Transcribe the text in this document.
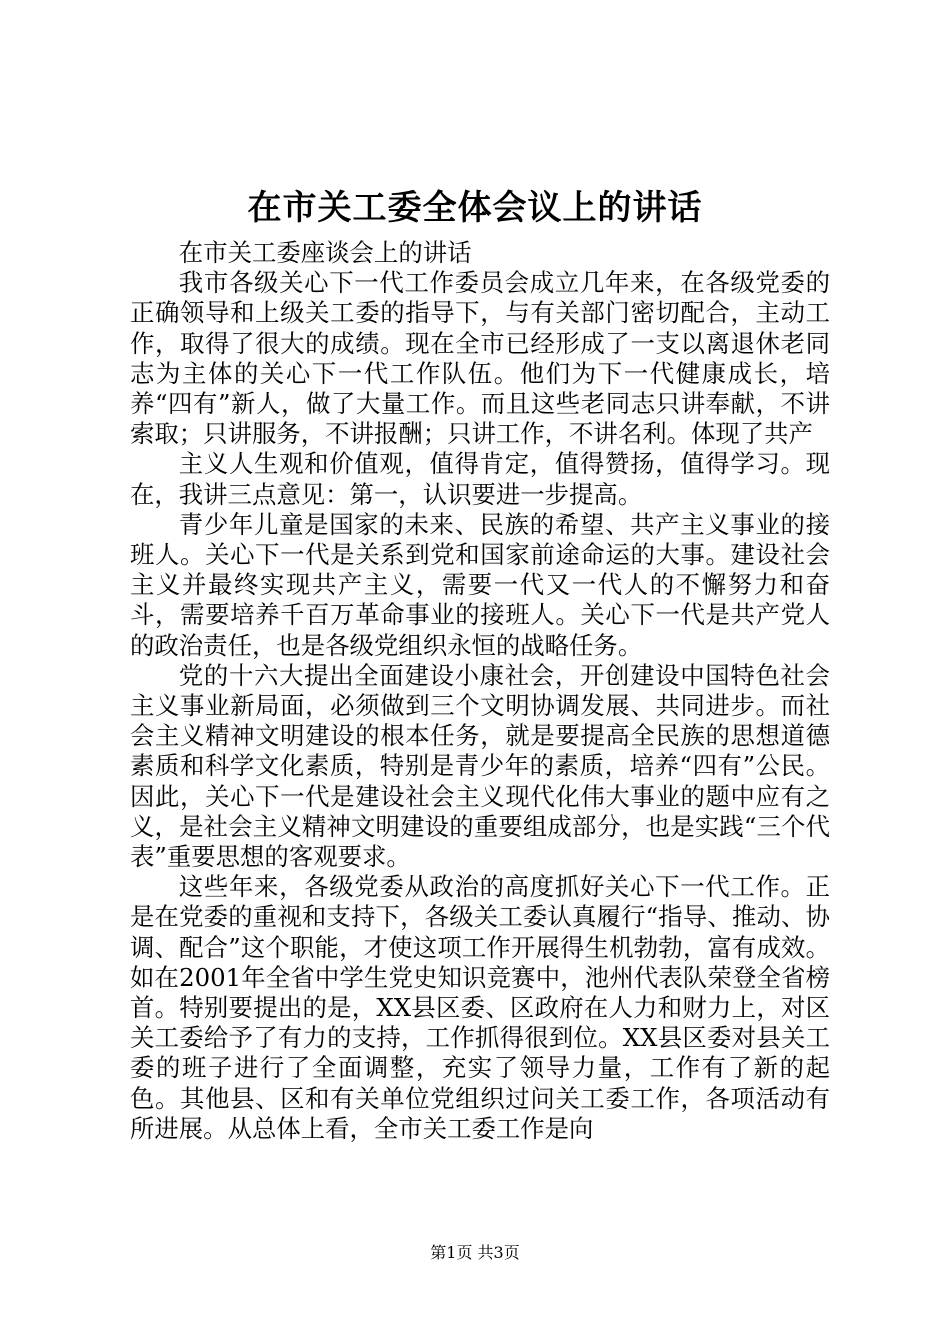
在市关工委全体会议上的讲话

在市关工委座谈会上的讲话

我市各级关心下一代工作委员会成立几年来，在各级党委的正确领导和上级关工委的指导下，与有关部门密切配合，主动工作，取得了很大的成绩。现在全市已经形成了一支以离退休老同志为主体的关心下一代工作队伍。他们为下一代健康成长，培养“四有”新人，做了大量工作。而且这些老同志只讲奉献，不讲索取；只讲服务，不讲报酬；只讲工作，不讲名利。体现了共产

主义人生观和价值观，值得肯定，值得赞扬，值得学习。现在，我讲三点意见：第一，认识要进一步提高。

青少年儿童是国家的未来、民族的希望、共产主义事业的接班人。关心下一代是关系到党和国家前途命运的大事。建设社会主义并最终实现共产主义，需要一代又一代人的不懈努力和奋斗，需要培养千百万革命事业的接班人。关心下一代是共产党人的政治责任，也是各级党组织永恒的战略任务。

党的十六大提出全面建设小康社会，开创建设中国特色社会主义事业新局面，必须做到三个文明协调发展、共同进步。而社会主义精神文明建设的根本任务，就是要提高全民族的思想道德素质和科学文化素质，特别是青少年的素质，培养“四有”公民。因此，关心下一代是建设社会主义现代化伟大事业的题中应有之义，是社会主义精神文明建设的重要组成部分，也是实践“三个代表”重要思想的客观要求。

这些年来，各级党委从政治的高度抓好关心下一代工作。正是在党委的重视和支持下，各级关工委认真履行“指导、推动、协调、配合”这个职能，才使这项工作开展得生机勃勃，富有成效。如在2001年全省中学生党史知识竞赛中，池州代表队荣登全省榜首。特别要提出的是，XX县区委、区政府在人力和财力上，对区关工委给予了有力的支持，工作抓得很到位。XX县区委对县关工委的班子进行了全面调整，充实了领导力量，工作有了新的起色。其他县、区和有关单位党组织过问关工委工作，各项活动有所进展。从总体上看，全市关工委工作是向

第1页 共3页
